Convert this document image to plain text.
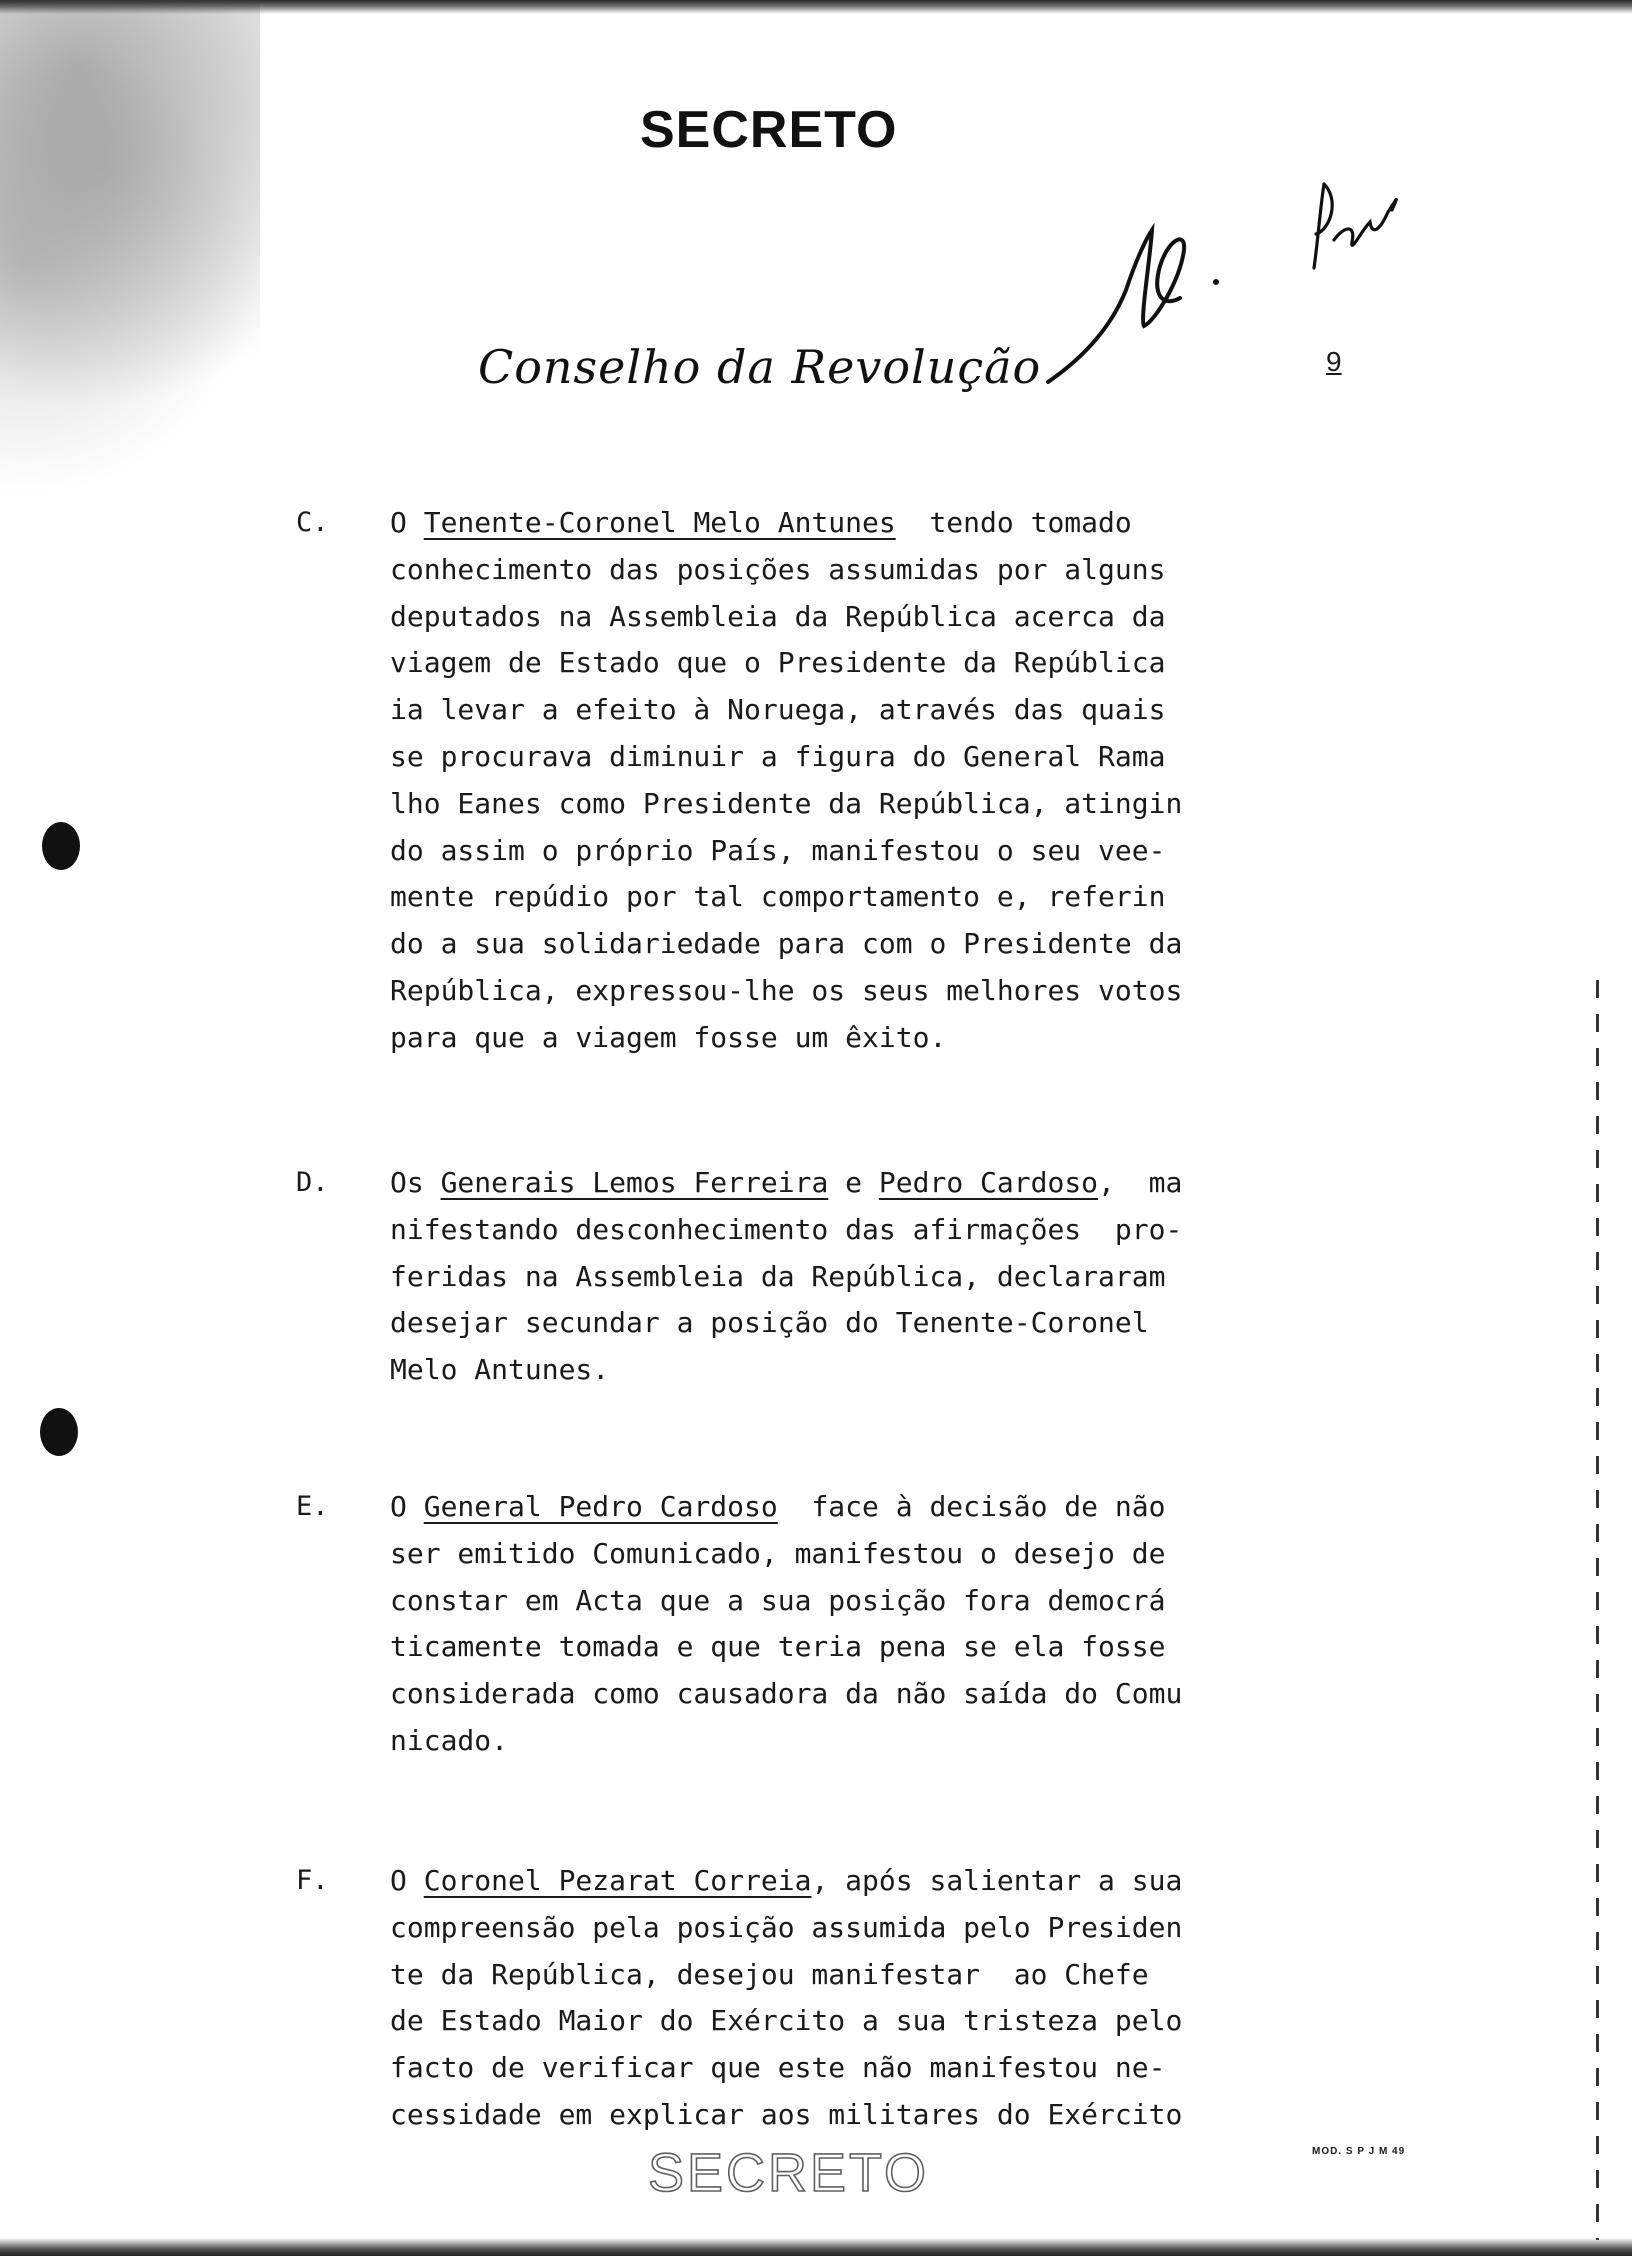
SECRETO
Conselho da Revolução	9
C. O Tenente-Coronel Melo Antunes  tendo tomado
conhecimento das posições assumidas por alguns
deputados na Assembleia da República acerca da
viagem de Estado que o Presidente da República
ia levar a efeito à Noruega, através das quais
se procurava diminuir a figura do General Rama
lho Eanes como Presidente da República, atingin
do assim o próprio País, manifestou o seu vee-
mente repúdio por tal comportamento e, referin
do a sua solidariedade para com o Presidente da
República, expressou-lhe os seus melhores votos
para que a viagem fosse um êxito.
D. Os Generais Lemos Ferreira e Pedro Cardoso,  ma
nifestando desconhecimento das afirmações  pro-
feridas na Assembleia da República, declararam
desejar secundar a posição do Tenente-Coronel
Melo Antunes.
E. O General Pedro Cardoso  face à decisão de não
ser emitido Comunicado, manifestou o desejo de
constar em Acta que a sua posição fora democrá
ticamente tomada e que teria pena se ela fosse
considerada como causadora da não saída do Comu
nicado.
F. O Coronel Pezarat Correia, após salientar a sua
compreensão pela posição assumida pelo Presiden
te da República, desejou manifestar  ao Chefe
de Estado Maior do Exército a sua tristeza pelo
facto de verificar que este não manifestou ne-
cessidade em explicar aos militares do Exército
SECRETO	MOD. S P J M 49
